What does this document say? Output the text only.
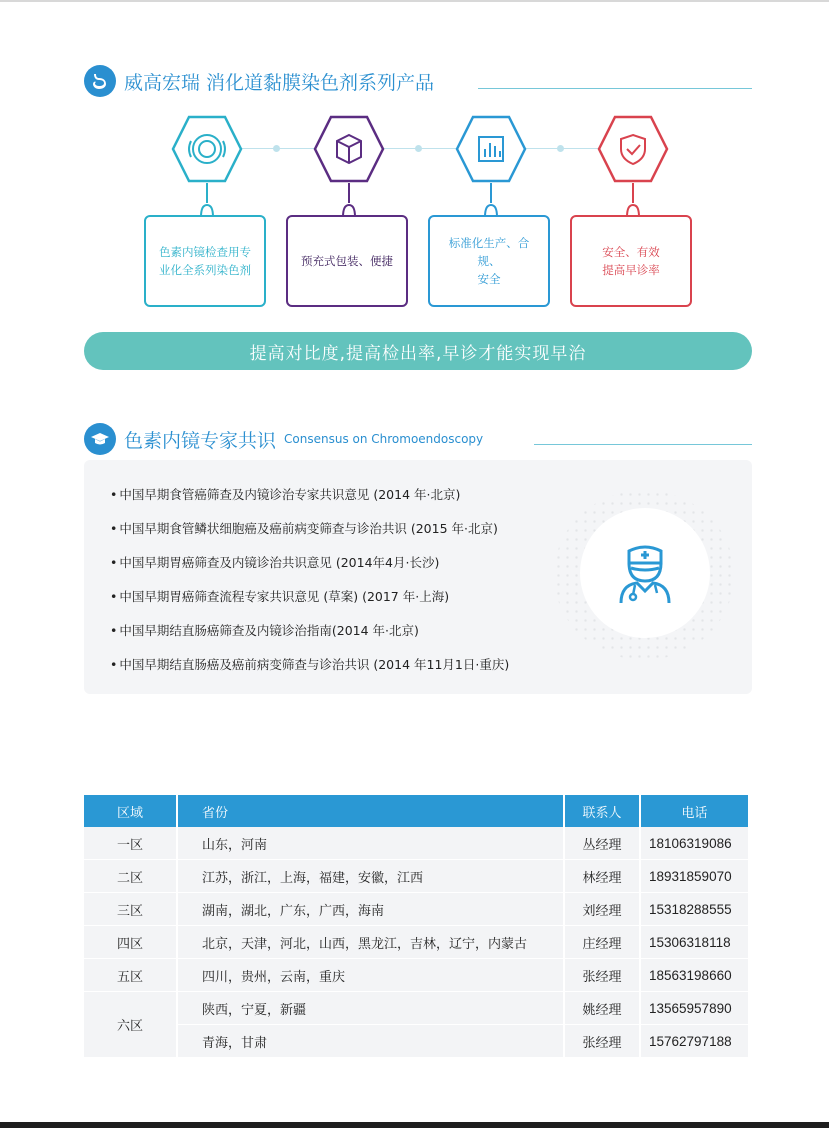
威高宏瑞 消化道黏膜染色剂系列产品
色素内镜检查用专
业化全系列染色剂
预充式包装、便捷
标准化生产、合规、
安全
安全、有效
提高早诊率
提高对比度,提高检出率,早诊才能实现早治
色素内镜专家共识 Consensus on Chromoendoscopy
• 中国早期食管癌筛查及内镜诊治专家共识意见 (2014 年·北京)
• 中国早期食管鳞状细胞癌及癌前病变筛查与诊治共识 (2015 年·北京)
• 中国早期胃癌筛查及内镜诊治共识意见 (2014年4月·长沙)
• 中国早期胃癌筛查流程专家共识意见 (草案) (2017 年·上海)
• 中国早期结直肠癌筛查及内镜诊治指南(2014 年·北京)
• 中国早期结直肠癌及癌前病变筛查与诊治共识 (2014 年11月1日·重庆)
区域	省份	联系人	电话
一区	山东，河南	丛经理	18106319086
二区	江苏，浙江，上海，福建，安徽，江西	林经理	18931859070
三区	湖南，湖北，广东，广西，海南	刘经理	15318288555
四区	北京，天津，河北，山西，黑龙江，吉林，辽宁，内蒙古	庄经理	15306318118
五区	四川，贵州，云南，重庆	张经理	18563198660
六区	陕西，宁夏，新疆	姚经理	13565957890
	青海，甘肃	张经理	15762797188
